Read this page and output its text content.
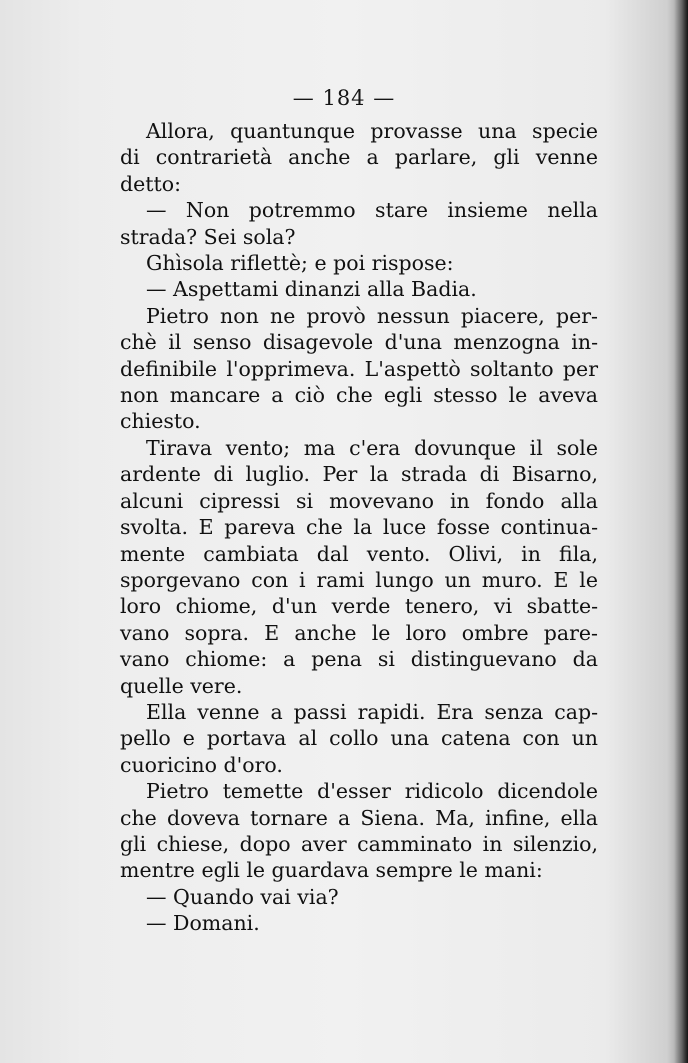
— 184 —
Allora, quantunque provasse una specie
di contrarietà anche a parlare, gli venne
detto:
— Non potremmo stare insieme nella
strada? Sei sola?
Ghìsola riflettè; e poi rispose:
— Aspettami dinanzi alla Badia.
Pietro non ne provò nessun piacere, per-
chè il senso disagevole d'una menzogna in-
definibile l'opprimeva. L'aspettò soltanto per
non mancare a ciò che egli stesso le aveva
chiesto.
Tirava vento; ma c'era dovunque il sole
ardente di luglio. Per la strada di Bisarno,
alcuni cipressi si movevano in fondo alla
svolta. E pareva che la luce fosse continua-
mente cambiata dal vento. Olivi, in fila,
sporgevano con i rami lungo un muro. E le
loro chiome, d'un verde tenero, vi sbatte-
vano sopra. E anche le loro ombre pare-
vano chiome: a pena si distinguevano da
quelle vere.
Ella venne a passi rapidi. Era senza cap-
pello e portava al collo una catena con un
cuoricino d'oro.
Pietro temette d'esser ridicolo dicendole
che doveva tornare a Siena. Ma, infine, ella
gli chiese, dopo aver camminato in silenzio,
mentre egli le guardava sempre le mani:
— Quando vai via?
— Domani.
